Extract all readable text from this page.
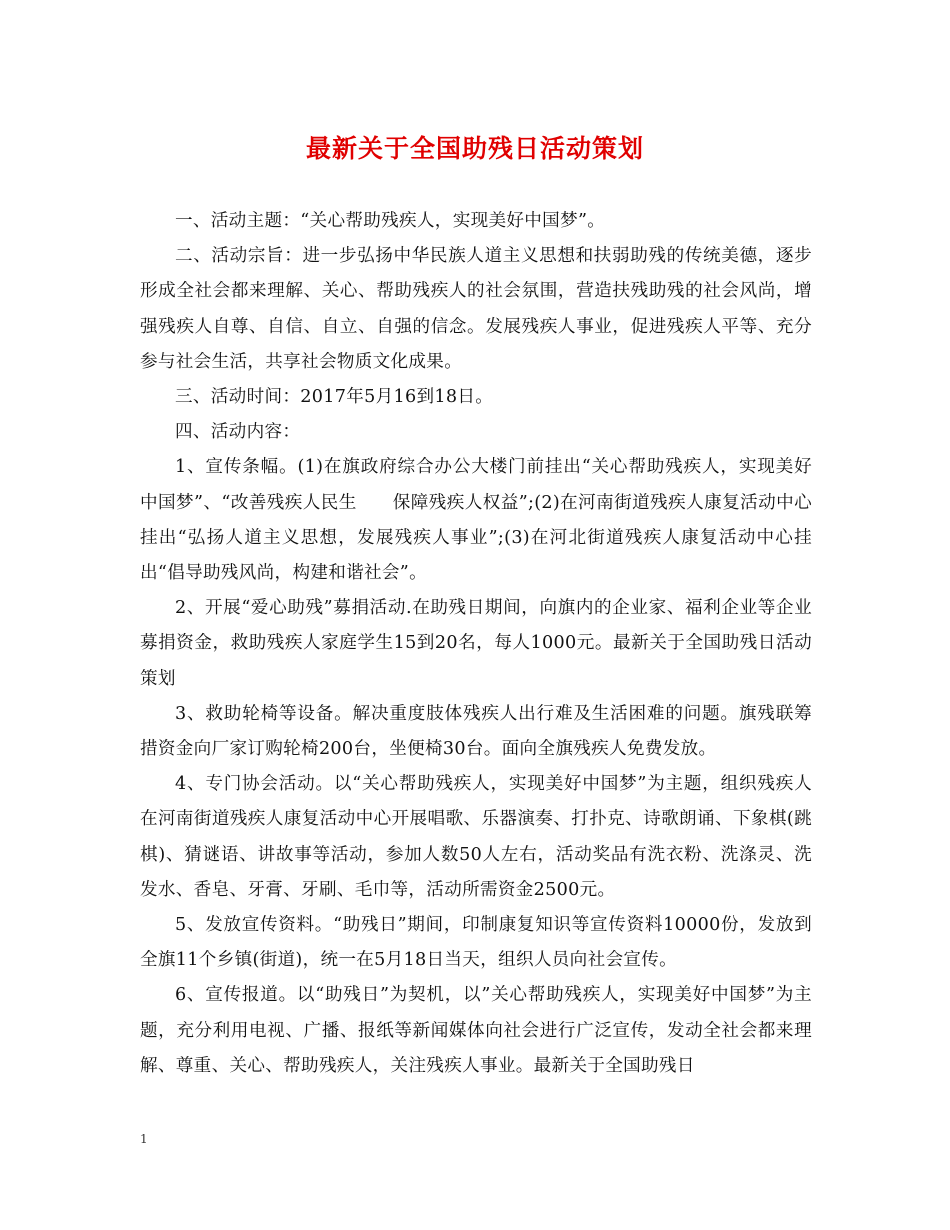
最新关于全国助残日活动策划

一、活动主题：“关心帮助残疾人，实现美好中国梦”。

二、活动宗旨：进一步弘扬中华民族人道主义思想和扶弱助残的传统美德，逐步形成全社会都来理解、关心、帮助残疾人的社会氛围，营造扶残助残的社会风尚，增强残疾人自尊、自信、自立、自强的信念。发展残疾人事业，促进残疾人平等、充分参与社会生活，共享社会物质文化成果。

三、活动时间：2017年5月16到18日。

四、活动内容：

1、宣传条幅。(1)在旗政府综合办公大楼门前挂出“关心帮助残疾人，实现美好中国梦”、“改善残疾人民生　　保障残疾人权益”;(2)在河南街道残疾人康复活动中心挂出“弘扬人道主义思想，发展残疾人事业”;(3)在河北街道残疾人康复活动中心挂出“倡导助残风尚，构建和谐社会”。

2、开展“爱心助残”募捐活动.在助残日期间，向旗内的企业家、福利企业等企业募捐资金，救助残疾人家庭学生15到20名，每人1000元。最新关于全国助残日活动策划

3、救助轮椅等设备。解决重度肢体残疾人出行难及生活困难的问题。旗残联筹措资金向厂家订购轮椅200台，坐便椅30台。面向全旗残疾人免费发放。

4、专门协会活动。以“关心帮助残疾人，实现美好中国梦”为主题，组织残疾人在河南街道残疾人康复活动中心开展唱歌、乐器演奏、打扑克、诗歌朗诵、下象棋(跳棋)、猜谜语、讲故事等活动，参加人数50人左右，活动奖品有洗衣粉、洗涤灵、洗发水、香皂、牙膏、牙刷、毛巾等，活动所需资金2500元。

5、发放宣传资料。“助残日”期间，印制康复知识等宣传资料10000份，发放到全旗11个乡镇(街道)，统一在5月18日当天，组织人员向社会宣传。

6、宣传报道。以“助残日”为契机，以”关心帮助残疾人，实现美好中国梦”为主题，充分利用电视、广播、报纸等新闻媒体向社会进行广泛宣传，发动全社会都来理解、尊重、关心、帮助残疾人，关注残疾人事业。最新关于全国助残日

1
